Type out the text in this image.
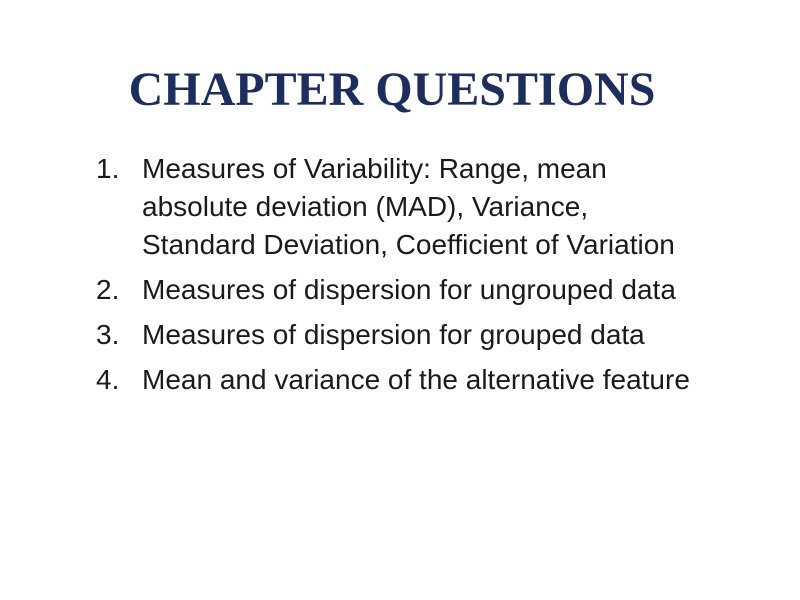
CHAPTER QUESTIONS
1. Measures of Variability: Range, mean absolute deviation (MAD), Variance, Standard Deviation, Coefficient of Variation
2. Measures of dispersion for ungrouped data
3. Measures of dispersion for grouped data
4. Mean and variance of the alternative feature
